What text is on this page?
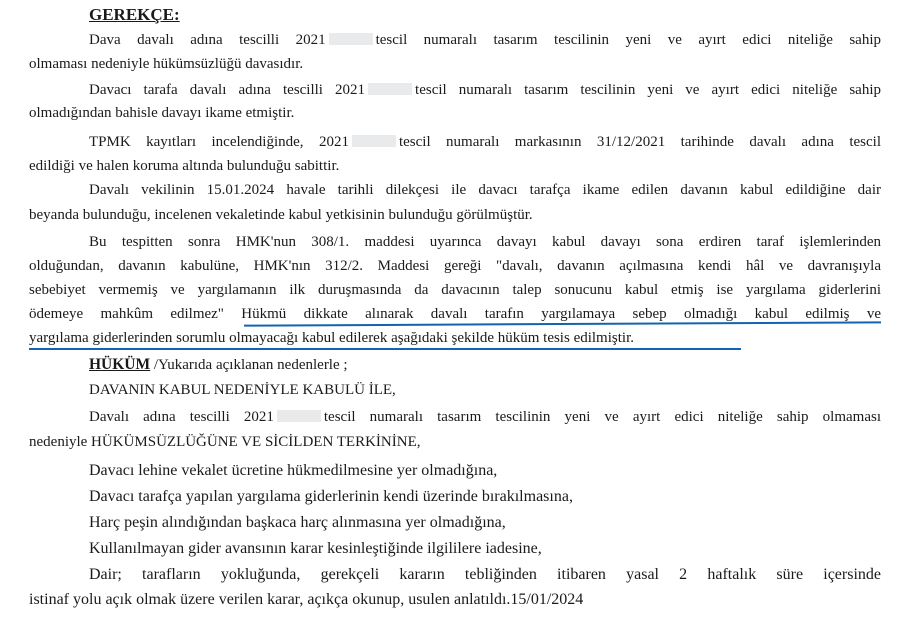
GEREKÇE:
Dava davalı adına tescilli 2021	tescil numaralı tasarım tescilinin yeni ve ayırt edici niteliğe sahip
olmaması nedeniyle hükümsüzlüğü davasıdır.
Davacı tarafa davalı adına tescilli 2021	tescil numaralı tasarım tescilinin yeni ve ayırt edici niteliğe sahip
olmadığından bahisle davayı ikame etmiştir.
TPMK kayıtları incelendiğinde, 2021	tescil numaralı markasının 31/12/2021 tarihinde davalı adına tescil
edildiği ve halen koruma altında bulunduğu sabittir.
Davalı vekilinin 15.01.2024 havale tarihli dilekçesi ile davacı tarafça ikame edilen davanın kabul edildiğine dair
beyanda bulunduğu, incelenen vekaletinde kabul yetkisinin bulunduğu görülmüştür.
Bu tespitten sonra HMK'nun 308/1. maddesi uyarınca davayı kabul davayı sona erdiren taraf işlemlerinden
olduğundan, davanın kabulüne, HMK'nın 312/2. Maddesi gereği "davalı, davanın açılmasına kendi hâl ve davranışıyla
sebebiyet vermemiş ve yargılamanın ilk duruşmasında da davacının talep sonucunu kabul etmiş ise yargılama giderlerini
ödemeye mahkûm edilmez" Hükmü dikkate alınarak davalı tarafın yargılamaya sebep olmadığı kabul edilmiş ve
yargılama giderlerinden sorumlu olmayacağı kabul edilerek aşağıdaki şekilde hüküm tesis edilmiştir.
HÜKÜM /Yukarıda açıklanan nedenlerle ;
DAVANIN KABUL NEDENİYLE KABULÜ İLE,
Davalı adına tescilli 2021	tescil numaralı tasarım tescilinin yeni ve ayırt edici niteliğe sahip olmaması
nedeniyle HÜKÜMSÜZLÜĞÜNE VE SİCİLDEN TERKİNİNE,
Davacı lehine vekalet ücretine hükmedilmesine yer olmadığına,
Davacı tarafça yapılan yargılama giderlerinin kendi üzerinde bırakılmasına,
Harç peşin alındığından başkaca harç alınmasına yer olmadığına,
Kullanılmayan gider avansının karar kesinleştiğinde ilgililere iadesine,
Dair; tarafların yokluğunda, gerekçeli kararın tebliğinden itibaren yasal 2 haftalık süre içersinde
istinaf yolu açık olmak üzere verilen karar, açıkça okunup, usulen anlatıldı.15/01/2024
